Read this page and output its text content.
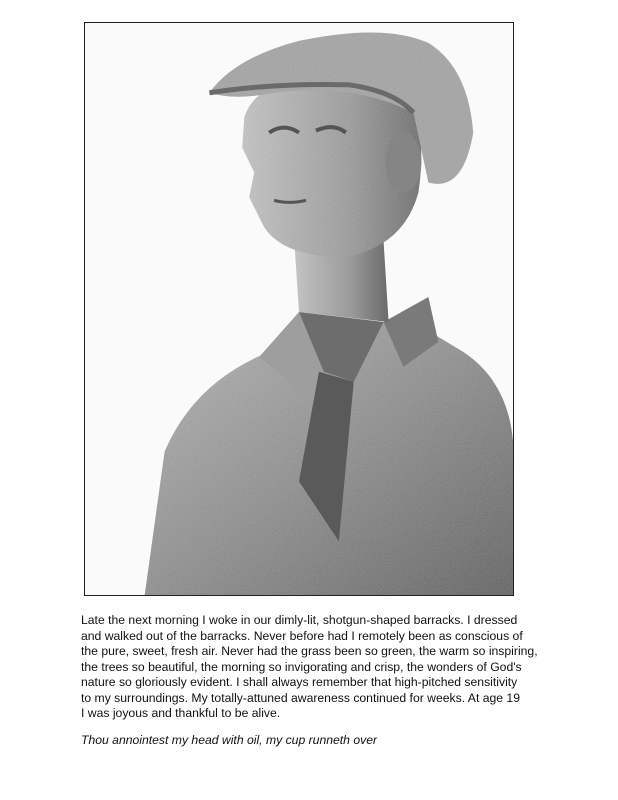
Late the next morning I woke in our dimly-lit, shotgun-shaped barracks. I dressed
and walked out of the barracks. Never before had I remotely been as conscious of
the pure, sweet, fresh air. Never had the grass been so green, the warm so inspiring,
the trees so beautiful, the morning so invigorating and crisp, the wonders of God's
nature so gloriously evident. I shall always remember that high-pitched sensitivity
to my surroundings. My totally-attuned awareness continued for weeks. At age 19
I was joyous and thankful to be alive.

Thou annointest my head with oil, my cup runneth over
